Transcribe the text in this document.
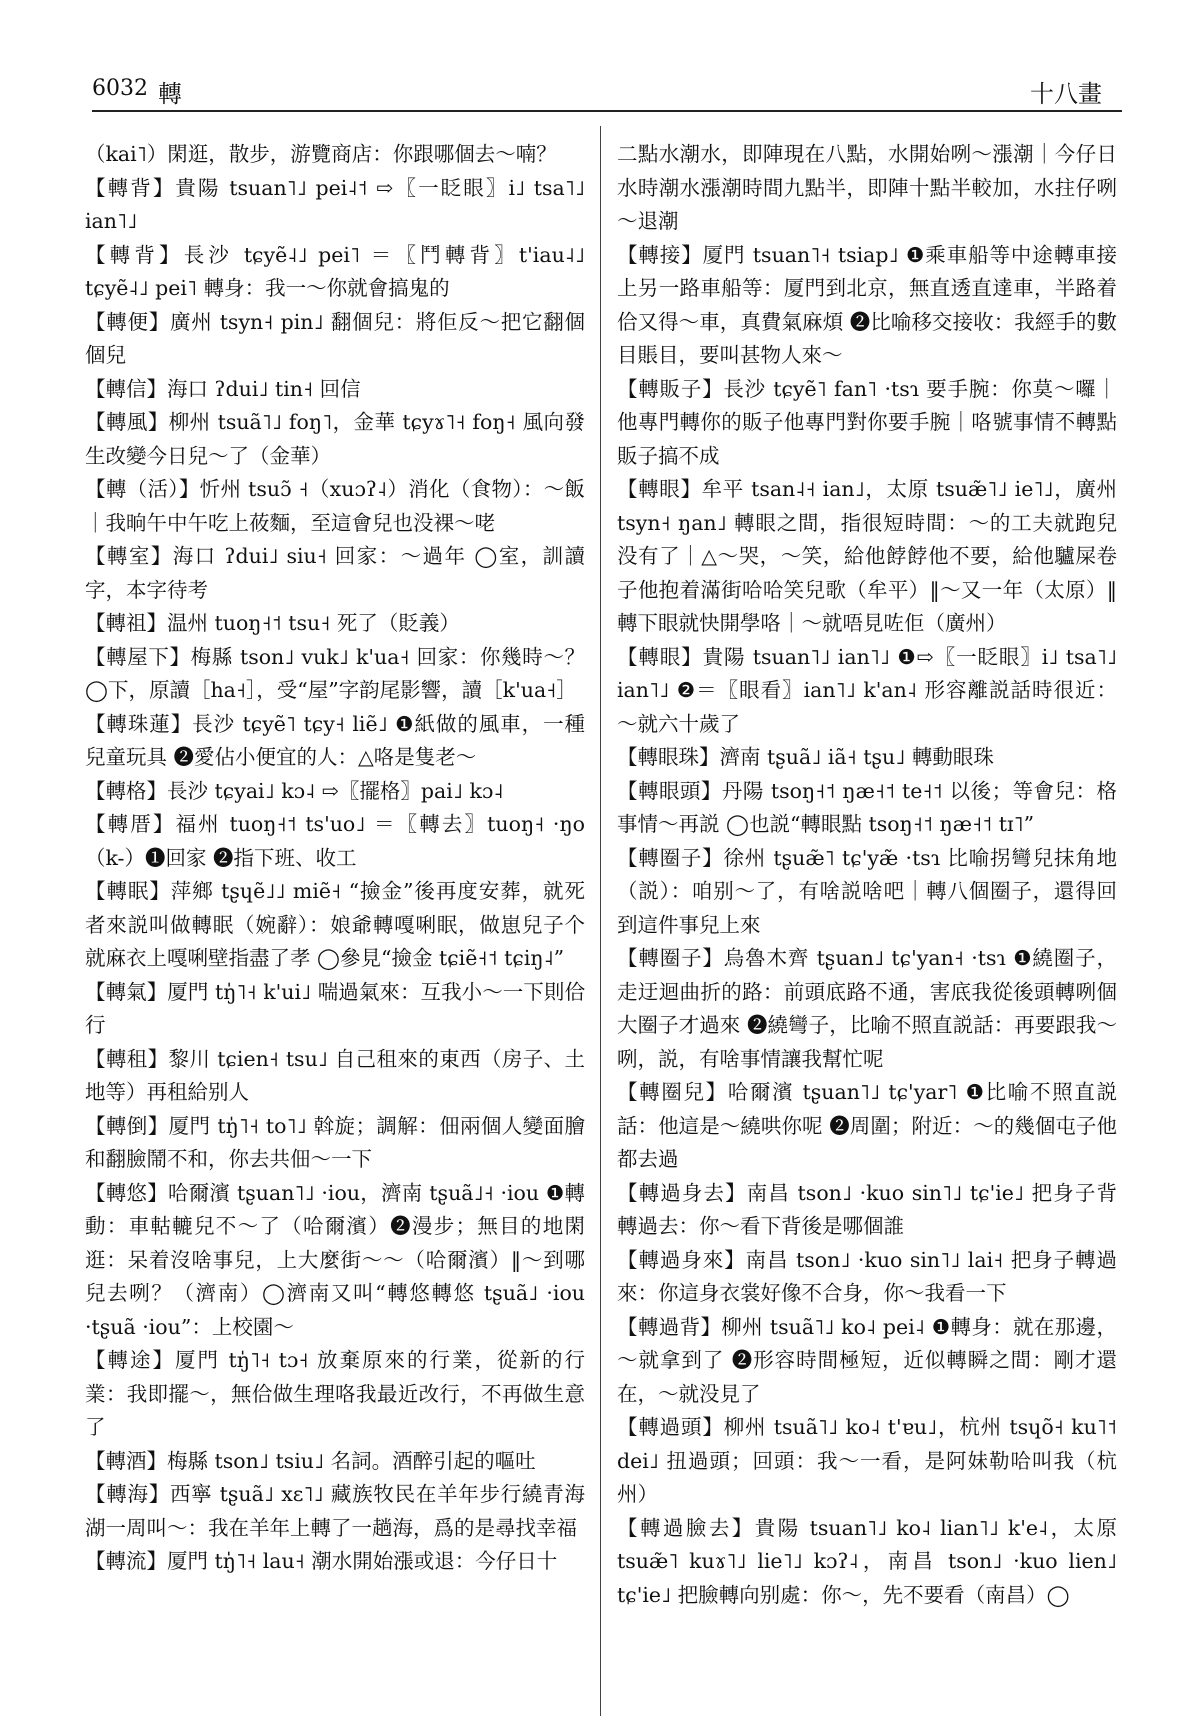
6032 轉	十八畫

（kai˥）閑逛，散步，游覽商店：你跟哪個去～喃？

【轉背】貴陽 tsuan˥˩ pei˨˦ ⇨〖一眨眼〗i˩ tsa˥˩ ian˥˩

【轉背】長沙 tɕyẽ˨˩ pei˥ ＝〖鬥轉背〗t'iau˨˩ tɕyẽ˨˩ pei˥ 轉身：我一～你就會搞鬼的

【轉便】廣州 tsyn˧ pin˩ 翻個兒：將佢反～把它翻個個兒

【轉信】海口 ʔdui˩ tin˧ 回信

【轉風】柳州 tsuã˥˩ foŋ˥，金華 tɕyɤ˥˧ foŋ˧ 風向發生改變今日兒～了（金華）

【轉（活）】忻州 tsuɔ̃ ˧（xuɔʔ˨）消化（食物）：～飯｜我晌午中午吃上莜麵，至這會兒也没裸～咾

【轉室】海口 ʔdui˩ siu˧ 回家：～過年 ◯室，訓讀字，本字待考

【轉祖】温州 tuoŋ˧˦ tsu˧ 死了（貶義）

【轉屋下】梅縣 tson˩ vuk˩ k'ua˧ 回家：你幾時～？◯下，原讀［ha˧］，受“屋”字韵尾影響，讀［k'ua˧］

【轉珠蓮】長沙 tɕyẽ˥ tɕy˧ liẽ˩ ❶紙做的風車，一種兒童玩具 ❷愛佔小便宜的人：△咯是隻老～

【轉格】長沙 tɕyai˩ kɔ˨ ⇨〖擺格〗pai˩ kɔ˨

【轉厝】福州 tuoŋ˧˦ ts'uo˩ ＝〖轉去〗tuoŋ˧ ·ŋo（k-）❶回家 ❷指下班、收工

【轉眠】萍鄉 tʂɥẽ˩˩ miẽ˧ “撿金”後再度安葬，就死者來説叫做轉眠（婉辭）：娘爺轉嘎唎眠，做崽兒子个就麻衣上嘎唎壁指盡了孝 ◯參見“撿金 tɕiẽ˧˦ tɕiŋ˨”

【轉氣】厦門 tŋ̍˥˧ k'ui˩ 喘過氣來：互我小～一下則佮行

【轉租】黎川 tɕien˧ tsu˩ 自己租來的東西（房子、土地等）再租給别人

【轉倒】厦門 tŋ̍˥˧ to˥˩ 斡旋；調解：佃兩個人變面膾和翻臉鬧不和，你去共佃～一下

【轉悠】哈爾濱 tʂuan˥˩ ·iou，濟南 tʂuã˩˧ ·iou ❶轉動：車軲轆兒不～了（哈爾濱）❷漫步；無目的地閑逛：呆着沒啥事兒，上大麼街～～（哈爾濱）‖～到哪兒去咧？（濟南）◯濟南又叫“轉悠轉悠 tʂuã˩ ·iou ·tʂuã ·iou”：上校園～

【轉途】厦門 tŋ̍˥˧ tɔ˧ 放棄原來的行業，從新的行業：我即擺～，無佮做生理咯我最近改行，不再做生意了

【轉酒】梅縣 tson˩ tsiu˩ 名詞。酒醉引起的嘔吐

【轉海】西寧 tʂuã˩ xɛ˥˩ 藏族牧民在羊年步行繞青海湖一周叫～：我在羊年上轉了一趟海，爲的是尋找幸福

【轉流】厦門 tŋ̍˥˧ lau˧ 潮水開始漲或退：今仔日十

二點水潮水，即陣現在八點，水開始咧～漲潮｜今仔日水時潮水漲潮時間九點半，即陣十點半較加，水拄仔咧～退潮

【轉接】厦門 tsuan˥˧ tsiap˩ ❶乘車船等中途轉車接上另一路車船等：厦門到北京，無直透直達車，半路着佮又得～車，真費氣麻煩 ❷比喻移交接收：我經手的數目賬目，要叫甚物人來～

【轉販子】長沙 tɕyẽ˥ fan˥ ·tsɿ 要手腕：你莫～囉｜他專門轉你的販子他專門對你要手腕｜咯號事情不轉點販子搞不成

【轉眼】牟平 tsan˨˧ ian˩，太原 tsuæ̃˥˩ ie˥˩，廣州 tsyn˧ ŋan˩ 轉眼之間，指很短時間：～的工夫就跑兒没有了｜△～哭，～笑，給他餑餑他不要，給他驢屎卷子他抱着滿街哈哈笑兒歌（牟平）‖～又一年（太原）‖轉下眼就快開學咯｜～就唔見咗佢（廣州）

【轉眼】貴陽 tsuan˥˩ ian˥˩ ❶⇨〖一眨眼〗i˩ tsa˥˩ ian˥˩ ❷＝〖眼看〗ian˥˩ k'an˨ 形容離説話時很近：～就六十歲了

【轉眼珠】濟南 tʂuã˩ iã˧ tʂu˩ 轉動眼珠

【轉眼頭】丹陽 tsoŋ˧˦ ŋæ˧˦ te˧˦ 以後；等會兒：格事情～再説 ◯也説“轉眼點 tsoŋ˧˦ ŋæ˧˦ tɪ˥”

【轉圈子】徐州 tʂuæ̃˥ tɕ'yæ̃ ·tsɿ 比喻拐彎兒抹角地（説）：咱别～了，有啥説啥吧｜轉八個圈子，還得回到這件事兒上來

【轉圈子】烏魯木齊 tʂuan˩ tɕ'yan˧ ·tsɿ ❶繞圈子，走迂迴曲折的路：前頭底路不通，害底我從後頭轉咧個大圈子才過來 ❷繞彎子，比喻不照直説話：再要跟我～咧，説，有啥事情讓我幫忙呢

【轉圈兒】哈爾濱 tʂuan˥˩ tɕ'yar˥ ❶比喻不照直説話：他這是～繞哄你呢 ❷周圍；附近：～的幾個屯子他都去過

【轉過身去】南昌 tson˩ ·kuo sin˥˩ tɕ'ie˩ 把身子背轉過去：你～看下背後是哪個誰

【轉過身來】南昌 tson˩ ·kuo sin˥˩ lai˧ 把身子轉過來：你這身衣裳好像不合身，你～我看一下

【轉過背】柳州 tsuã˥˩ ko˨ pei˨ ❶轉身：就在那邊，～就拿到了 ❷形容時間極短，近似轉瞬之間：剛才還在，～就没見了

【轉過頭】柳州 tsuã˥˩ ko˨ t'ɐu˩，杭州 tsɥõ˧ ku˥˦ dei˩ 扭過頭；回頭：我～一看，是阿妹勒哈叫我（杭州）

【轉過臉去】貴陽 tsuan˥˩ ko˨ lian˥˩ k'e˨，太原 tsuæ̃˥ kuɤ˥˩ lie˥˩ kɔʔ˨，南昌 tson˩ ·kuo lien˩ tɕ'ie˩ 把臉轉向别處：你～，先不要看（南昌）◯
